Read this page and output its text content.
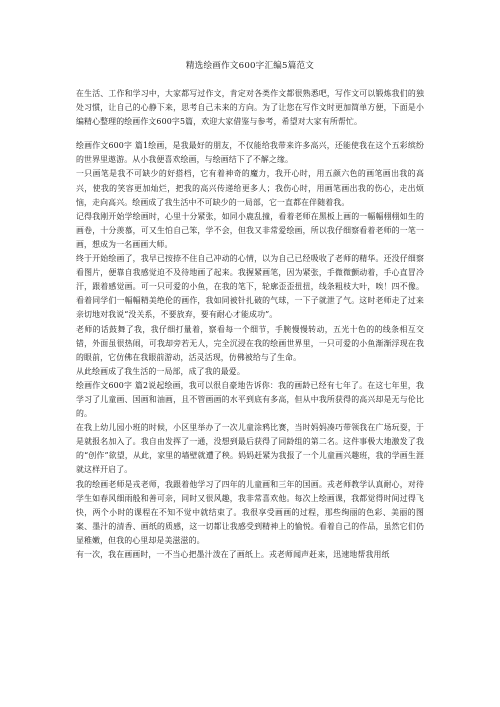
精选绘画作文600字汇编5篇范文

在生活、工作和学习中，大家都写过作文，肯定对各类作文都很熟悉吧，写作文可以锻炼我们的独处习惯，让自己的心静下来，思考自己未来的方向。为了让您在写作文时更加简单方便，下面是小编精心整理的绘画作文600字5篇，欢迎大家借鉴与参考，希望对大家有所帮忙。

绘画作文600字 篇1绘画，是我最好的朋友，不仅能给我带来许多高兴，还能使我在这个五彩缤纷的世界里遨游。从小我便喜欢绘画，与绘画结下了不解之缘。

一只画笔是我不可缺少的好搭档，它有着神奇的魔力，我开心时，用五颜六色的画笔画出我的高兴，使我的笑容更加灿烂，把我的高兴传递给更多人；我伤心时，用画笔画出我的伤心，走出烦恼，走向高兴。绘画成了我生活中不可缺少的一局部，它一直都在伴随着我。

记得我刚开始学绘画时，心里十分紧张，如同小鹿乱撞，看着老师在黑板上画的一幅幅栩栩如生的画卷，十分羡慕，可又生怕自己笨，学不会，但我又非常爱绘画，所以我仔细察看着老师的一笔一画，想成为一名画画大师。

终于开始绘画了，我早已按捺不住自己冲动的心情，以为自己已经吸收了老师的精华。还没仔细察看图片，便靠自我感觉迫不及待地画了起来。我握紧画笔，因为紧张，手微微颤动着，手心直冒冷汗，跟着感觉画。可一只可爱的小鱼，在我的笔下，轮廓歪歪扭扭，线条粗枝大叶，唉！四不像。看着同学们一幅幅精美绝伦的画作，我如同被针扎破的气球，一下子就泄了气。这时老师走了过来亲切地对我说“没关系，不要放弃，要有耐心才能成功”。

老师的话鼓舞了我，我仔细打量着，察看每一个细节，手腕慢慢转动，五光十色的的线条相互交错，外面虽很热闹，可我却旁若无人，完全沉浸在我的绘画世界里，一只可爱的小鱼渐渐浮现在我的眼前，它仿佛在我眼前游动，活灵活现，仿佛被给与了生命。

从此绘画成了我生活的一局部，成了我的最爱。

绘画作文600字 篇2说起绘画，我可以很自豪地告诉你：我的画龄已经有七年了。在这七年里，我学习了儿童画、国画和油画，且不管画画的水平到底有多高，但从中我所获得的高兴却是无与伦比的。

在我上幼儿园小班的时候，小区里举办了一次儿童涂鸦比赛，当时妈妈凑巧带领我在广场玩耍，于是就报名加入了。我自由发挥了一通，没想到最后获得了同龄组的第二名。这件事极大地激发了我的“创作”欲望，从此，家里的墙壁就遭了秧。妈妈赶紧为我报了一个儿童画兴趣班，我的学画生涯就这样开启了。

我的绘画老师是戎老师，我跟着他学习了四年的儿童画和三年的国画。戎老师教学认真耐心，对待学生如春风细雨般和善可亲，同时又很风趣，我非常喜欢他。每次上绘画课，我都觉得时间过得飞快，两个小时的课程在不知不觉中就结束了。我很享受画画的过程，那些绚丽的色彩、美丽的图案、墨汁的清香、画纸的质感，这一切都让我感受到精神上的愉悦。看着自己的作品，虽然它们仍显稚嫩，但我的心里却是美滋滋的。

有一次，我在画画时，一不当心把墨汁泼在了画纸上。戎老师闻声赶来，迅速地帮我用纸
